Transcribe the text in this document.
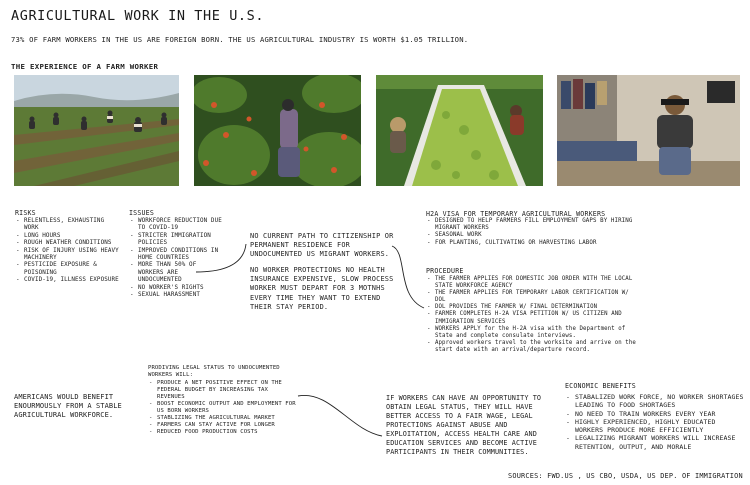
AGRICULTURAL WORK IN THE U.S.
73% OF FARM WORKERS IN THE US ARE FOREIGN BORN. THE US AGRICULTURAL INDUSTRY IS WORTH $1.05 TRILLION.
THE EXPERIENCE OF A FARM WORKER
RISKS
- RELENTLESS, EXHAUSTING WORK
- LONG HOURS
- ROUGH WEATHER CONDITIONS
- RISK OF INJURY USING HEAVY MACHINERY
- PESTICIDE EXPOSURE & POISONING
- COVID-19, ILLNESS EXPOSURE
ISSUES
- WORKFORCE REDUCTION DUE TO COVID-19
- STRICTER IMMIGRATION POLICIES
- IMPROVED CONDITIONS IN HOME COUNTRIES
- MORE THAN 50% OF WORKERS ARE UNDOCUMENTED
- NO WORKER'S RIGHTS
- SEXUAL HARASSMENT
NO CURRENT PATH TO CITIZENSHIP OR PERMANENT RESIDENCE FOR UNDOCUMENTED US MIGRANT WORKERS.
NO WORKER PROTECTIONS NO HEALTH INSURANCE EXPENSIVE, SLOW PROCESS WORKER MUST DEPART FOR 3 MOTNHS EVERY TIME THEY WANT TO EXTEND THEIR STAY PERIOD.
H2A VISA FOR TEMPORARY AGRICULTURAL WORKERS
- DESIGNED TO HELP FARMERS FILL EMPLOYMENT GAPS BY HIRING MIGRANT WORKERS
- SEASONAL WORK
- FOR PLANTING, CULTIVATING OR HARVESTING LABOR
PROCEDURE
- THE FARMER APPLIES FOR DOMESTIC JOB ORDER WITH THE LOCAL STATE WORKFORCE AGENCY
- THE FARMER APPLIES FOR TEMPORARY LABOR CERTIFICATION W/ DOL
- DOL PROVIDES THE FARMER W/ FINAL DETERMINATION
- FARMER COMPLETES H-2A VISA PETITION W/ US CITIZEN AND IMMIGRATION SERVICES
- WORKERS APPLY for the H-2A visa with the Department of State and complete consulate interviews.
- Approved workers travel to the worksite and arrive on the start date with an arrival/departure record.
PRODIVING LEGAL STATUS TO UNDOCUMENTED WORKERS WILL:
- PRODUCE A NET POSITIVE EFFECT ON THE FEDERAL BUDGET BY INCREASING TAX REVENUES
- BOOST ECONOMIC OUTPUT AND EMPLOYMENT FOR US BORN WORKERS
- STABLIZING THE AGRICULTURAL MARKET
- FARMERS CAN STAY ACTIVE FOR LONGER
- REDUCED FOOD PRODUCTION COSTS
AMERICANS WOULD BENEFIT ENOURMOUSLY FROM A STABLE AGRICULTURAL WORKFORCE.
IF WORKERS CAN HAVE AN OPPORTUNITY TO OBTAIN LEGAL STATUS, THEY WILL HAVE BETTER ACCESS TO A FAIR WAGE, LEGAL PROTECTIONS AGAINST ABUSE AND EXPLOITATION, ACCESS HEALTH CARE AND EDUCATION SERVICES AND BECOME ACTIVE PARTICIPANTS IN THEIR COMMUNITIES.
ECONOMIC BENEFITS
- STABALIZED WORK FORCE, NO WORKER SHORTAGES LEADING TO FOOD SHORTAGES
- NO NEED TO TRAIN WORKERS EVERY YEAR
- HIGHLY EXPERIENCED, HIGHLY EDUCATED WORKERS PRODUCE MORE EFFICIENTLY
- LEGALIZING MIGRANT WORKERS WILL INCREASE RETENTION, OUTPUT, AND MORALE
SOURCES: FWD.US , US CBO, USDA, US DEP. OF IMMIGRATION
